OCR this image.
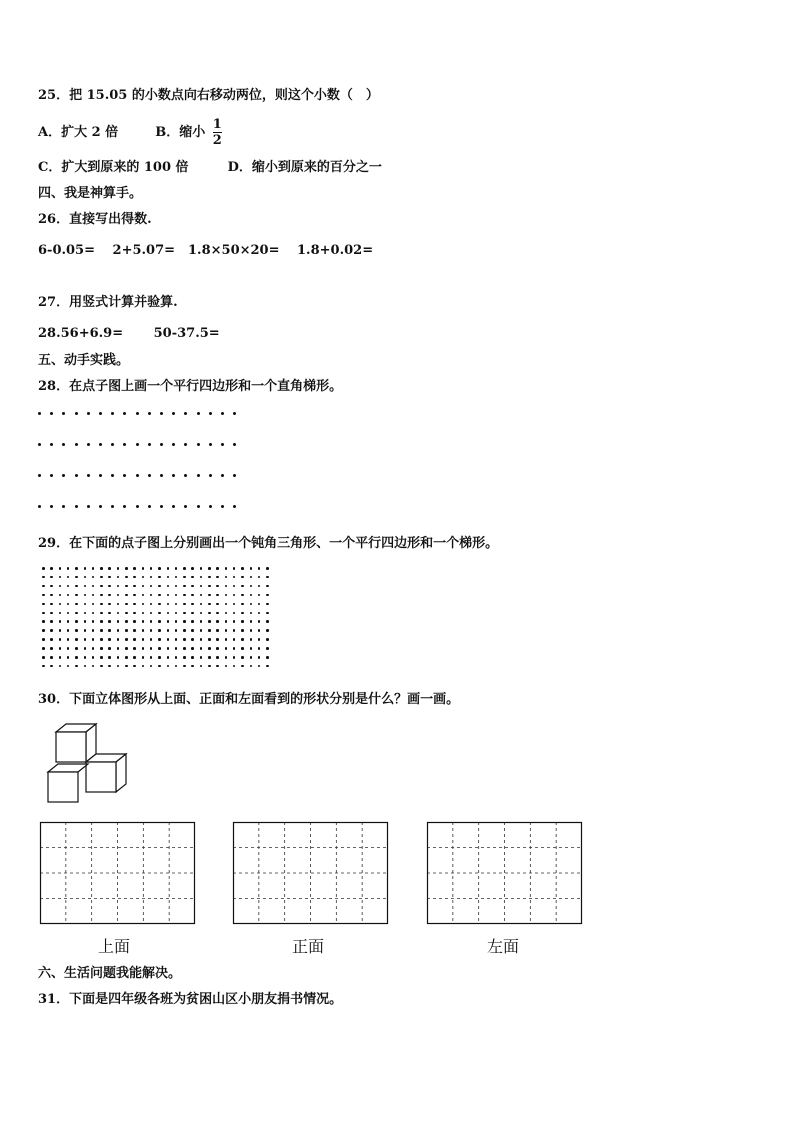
25．把 15.05 的小数点向右移动两位，则这个小数（　）
A．扩大 2 倍	B．缩小 $\frac{1}{2}$
C．扩大到原来的 100 倍	D．缩小到原来的百分之一
四、我是神算手。
26．直接写出得数.
6-0.05=　 2+5.07=　1.8×50×20=　 1.8+0.02=
27．用竖式计算并验算.
28.56+6.9=　　 50-37.5=
五、动手实践。
28．在点子图上画一个平行四边形和一个直角梯形。
29．在下面的点子图上分别画出一个钝角三角形、一个平行四边形和一个梯形。
30．下面立体图形从上面、正面和左面看到的形状分别是什么？画一画。
上面	正面	左面
六、生活问题我能解决。
31．下面是四年级各班为贫困山区小朋友捐书情况。
